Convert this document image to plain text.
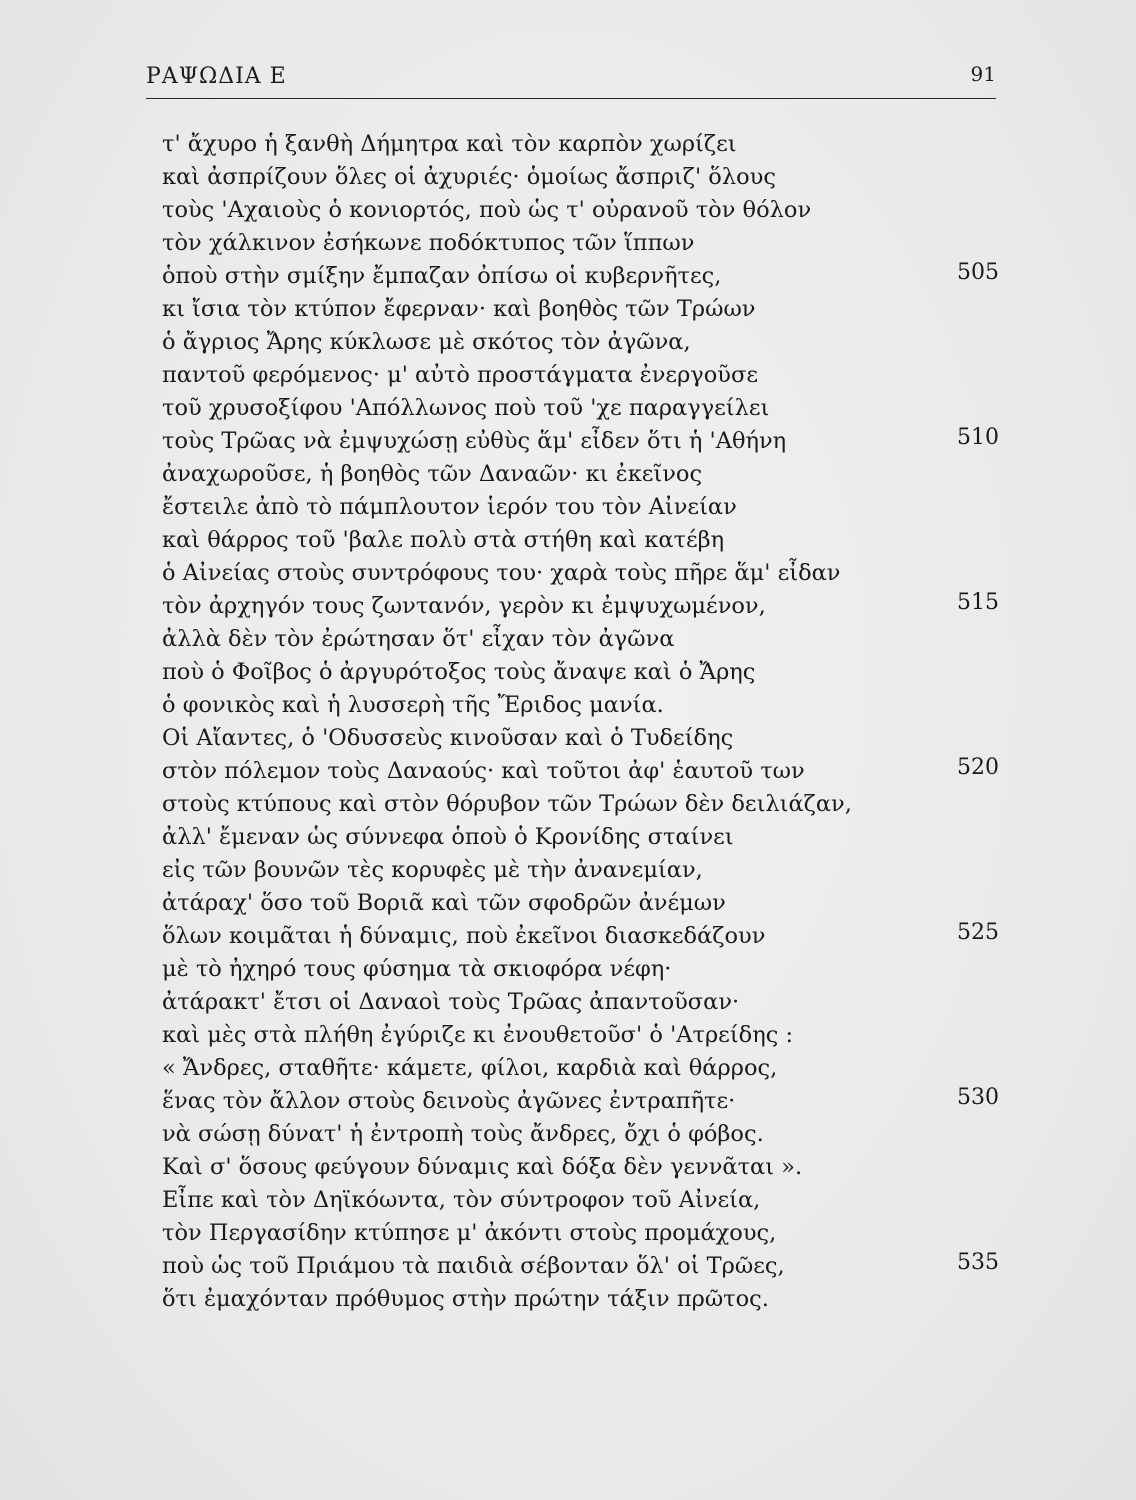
ΡΑΨΩΔΙΑ Ε	91
τ' ἄχυρο ἡ ξανθὴ Δήμητρα καὶ τὸν καρπὸν χωρίζει
καὶ ἀσπρίζουν ὅλες οἱ ἀχυριές· ὁμοίως ἄσπριζ' ὅλους
τοὺς 'Αχαιοὺς ὁ κονιορτός, ποὺ ὡς τ' οὐρανοῦ τὸν θόλον
τὸν χάλκινον ἐσήκωνε ποδόκτυπος τῶν ἵππων
ὁποὺ στὴν σμίξην ἔμπαζαν ὀπίσω οἱ κυβερνῆτες,	505
κι ἴσια τὸν κτύπον ἔφερναν· καὶ βοηθὸς τῶν Τρώων
ὁ ἄγριος Ἄρης κύκλωσε μὲ σκότος τὸν ἀγῶνα,
παντοῦ φερόμενος· μ' αὐτὸ προστάγματα ἐνεργοῦσε
τοῦ χρυσοξίφου 'Απόλλωνος ποὺ τοῦ 'χε παραγγείλει
τοὺς Τρῶας νὰ ἐμψυχώσῃ εὐθὺς ἅμ' εἶδεν ὅτι ἡ 'Αθήνη	510
ἀναχωροῦσε, ἡ βοηθὸς τῶν Δαναῶν· κι ἐκεῖνος
ἔστειλε ἀπὸ τὸ πάμπλουτον ἱερόν του τὸν Αἰνείαν
καὶ θάρρος τοῦ 'βαλε πολὺ στὰ στήθη καὶ κατέβη
ὁ Αἰνείας στοὺς συντρόφους του· χαρὰ τοὺς πῆρε ἅμ' εἶδαν
τὸν ἀρχηγόν τους ζωντανόν, γερὸν κι ἐμψυχωμένον,	515
ἀλλὰ δὲν τὸν ἐρώτησαν ὅτ' εἶχαν τὸν ἀγῶνα
ποὺ ὁ Φοῖβος ὁ ἀργυρότοξος τοὺς ἄναψε καὶ ὁ Ἄρης
ὁ φονικὸς καὶ ἡ λυσσερὴ τῆς Ἔριδος μανία.
Οἱ Αἴαντες, ὁ 'Οδυσσεὺς κινοῦσαν καὶ ὁ Τυδείδης
στὸν πόλεμον τοὺς Δαναούς· καὶ τοῦτοι ἀφ' ἑαυτοῦ των	520
στοὺς κτύπους καὶ στὸν θόρυβον τῶν Τρώων δὲν δειλιάζαν,
ἀλλ' ἔμεναν ὡς σύννεφα ὁποὺ ὁ Κρονίδης σταίνει
εἰς τῶν βουνῶν τὲς κορυφὲς μὲ τὴν ἀνανεμίαν,
ἀτάραχ' ὅσο τοῦ Βοριᾶ καὶ τῶν σφοδρῶν ἀνέμων
ὅλων κοιμᾶται ἡ δύναμις, ποὺ ἐκεῖνοι διασκεδάζουν	525
μὲ τὸ ἠχηρό τους φύσημα τὰ σκιοφόρα νέφη·
ἀτάρακτ' ἔτσι οἱ Δαναοὶ τοὺς Τρῶας ἀπαντοῦσαν·
καὶ μὲς στὰ πλήθη ἐγύριζε κι ἐνουθετοῦσ' ὁ 'Ατρείδης :
« Ἄνδρες, σταθῆτε· κάμετε, φίλοι, καρδιὰ καὶ θάρρος,
ἕνας τὸν ἄλλον στοὺς δεινοὺς ἀγῶνες ἐντραπῆτε·	530
νὰ σώσῃ δύνατ' ἡ ἐντροπὴ τοὺς ἄνδρες, ὄχι ὁ φόβος.
Καὶ σ' ὅσους φεύγουν δύναμις καὶ δόξα δὲν γεννᾶται ».
Εἶπε καὶ τὸν Δηϊκόωντα, τὸν σύντροφον τοῦ Αἰνεία,
τὸν Περγασίδην κτύπησε μ' ἀκόντι στοὺς προμάχους,
ποὺ ὡς τοῦ Πριάμου τὰ παιδιὰ σέβονταν ὅλ' οἱ Τρῶες,	535
ὅτι ἐμαχόνταν πρόθυμος στὴν πρώτην τάξιν πρῶτος.
